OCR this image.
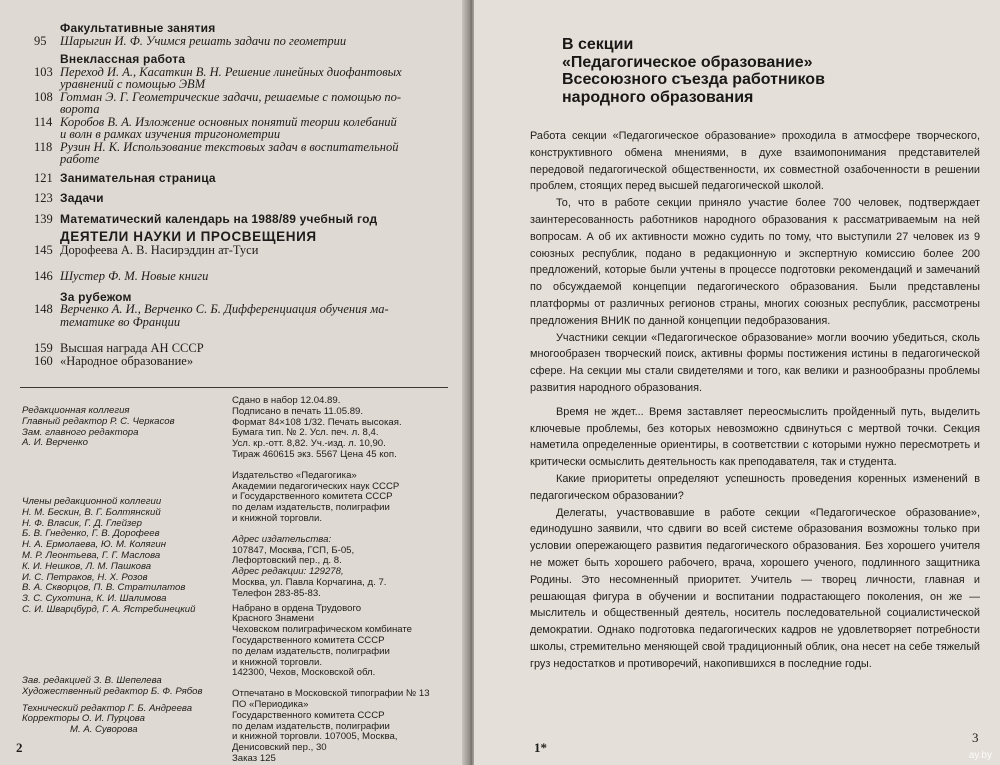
Факультативные занятия
95	Шарыгин И. Ф. Учимся решать задачи по геометрии
Внеклассная работа
103 Переход И. А., Касаткин В. Н. Решение линейных диофантовых
уравнений с помощью ЭВМ
108 Готман Э. Г. Геометрические задачи, решаемые с помощью по-
ворота
114 Коробов В. А. Изложение основных понятий теории колебаний
и волн в рамках изучения тригонометрии
118 Рузин Н. К. Использование текстовых задач в воспитательной
работе
121 Занимательная страница
123 Задачи
139 Математический календарь на 1988/89 учебный год
ДЕЯТЕЛИ НАУКИ И ПРОСВЕЩЕНИЯ
145 Дорофеева А. В. Насирэддин ат-Туси
146 Шустер Ф. М. Новые книги
За рубежом
148 Верченко А. И., Верченко С. Б. Дифференциация обучения ма-
тематике во Франции
159 Высшая награда АН СССР
160 «Народное образование»
Редакционная коллегия
Главный редактор Р. С. Черкасов
Зам. главного редактора
А. И. Верченко
Члены редакционной коллегии
Н. М. Бескин, В. Г. Болтянский
Н. Ф. Власик, Г. Д. Глейзер
Б. В. Гнеденко, Г. В. Дорофеев
Н. А. Ермолаева, Ю. М. Колягин
М. Р. Леонтьева, Г. Г. Маслова
К. И. Нешков, Л. М. Пашкова
И. С. Петраков, Н. Х. Розов
В. А. Скворцов, П. В. Стратилатов
З. С. Сухотина, К. И. Шалимова
С. И. Шварцбурд, Г. А. Ястребинецкий
Зав. редакцией З. В. Шепелева
Художественный редактор Б. Ф. Рябов
Технический редактор Г. Б. Андреева
Корректоры О. И. Пурцова
М. А. Суворова
Сдано в набор 12.04.89.
Подписано в печать 11.05.89.
Формат 84×108 1/32. Печать высокая.
Бумага тип. № 2. Усл. печ. л. 8,4.
Усл. кр.-отт. 8,82. Уч.-изд. л. 10,90.
Тираж 460615 экз. 5567 Цена 45 коп.
Издательство «Педагогика»
Академии педагогических наук СССР
и Государственного комитета СССР
по делам издательств, полиграфии
и книжной торговли.
Адрес издательства:
107847, Москва, ГСП, Б-05,
Лефортовский пер., д. 8.
Адрес редакции: 129278,
Москва, ул. Павла Корчагина, д. 7.
Телефон 283-85-83.
Набрано в ордена Трудового
Красного Знамени
Чеховском полиграфическом комбинате
Государственного комитета СССР
по делам издательств, полиграфии
и книжной торговли.
142300, Чехов, Московской обл.
Отпечатано в Московской типографии № 13
ПО «Периодика»
Государственного комитета СССР
по делам издательств, полиграфии
и книжной торговли. 107005, Москва,
Денисовский пер., 30
Заказ 125
2
В секции
«Педагогическое образование»
Всесоюзного съезда работников
народного образования

Работа секции «Педагогическое образование» проходила в атмосфере творческого, конструктивного обмена мнениями, в духе взаимопонимания представителей передовой педагогической общественности, их совместной озабоченности в решении проблем, стоящих перед высшей педагогической школой.

То, что в работе секции приняло участие более 700 человек, подтверждает заинтересованность работников народного образования к рассматриваемым на ней вопросам. А об их активности можно судить по тому, что выступили 27 человек из 9 союзных республик, подано в редакционную и экспертную комиссию более 200 предложений, которые были учтены в процессе подготовки рекомендаций и замечаний по обсуждаемой концепции педагогического образования. Были представлены платформы от различных регионов страны, многих союзных республик, рассмотрены предложения ВНИК по данной концепции педобразования.

Участники секции «Педагогическое образование» могли воочию убедиться, сколь многообразен творческий поиск, активны формы постижения истины в педагогической сфере. На секции мы стали свидетелями и того, как велики и разнообразны проблемы развития народного образования.

Время не ждет... Время заставляет переосмыслить пройденный путь, выделить ключевые проблемы, без которых невозможно сдвинуться с мертвой точки. Секция наметила определенные ориентиры, в соответствии с которыми нужно пересмотреть и критически осмыслить деятельность как преподавателя, так и студента.

Какие приоритеты определяют успешность проведения коренных изменений в педагогическом образовании?

Делегаты, участвовавшие в работе секции «Педагогическое образование», единодушно заявили, что сдвиги во всей системе образования возможны только при условии опережающего развития педагогического образования. Без хорошего учителя не может быть хорошего рабочего, врача, хорошего ученого, подлинного защитника Родины. Это несомненный приоритет. Учитель — творец личности, главная и решающая фигура в обучении и воспитании подрастающего поколения, он же — мыслитель и общественный деятель, носитель последовательной социалистической демократии. Однако подготовка педагогических кадров не удовлетворяет потребности школы, стремительно меняющей свой традиционный облик, она несет на себе тяжелый груз недостатков и противоречий, накопившихся в последние годы.

1*
3
ay.by
